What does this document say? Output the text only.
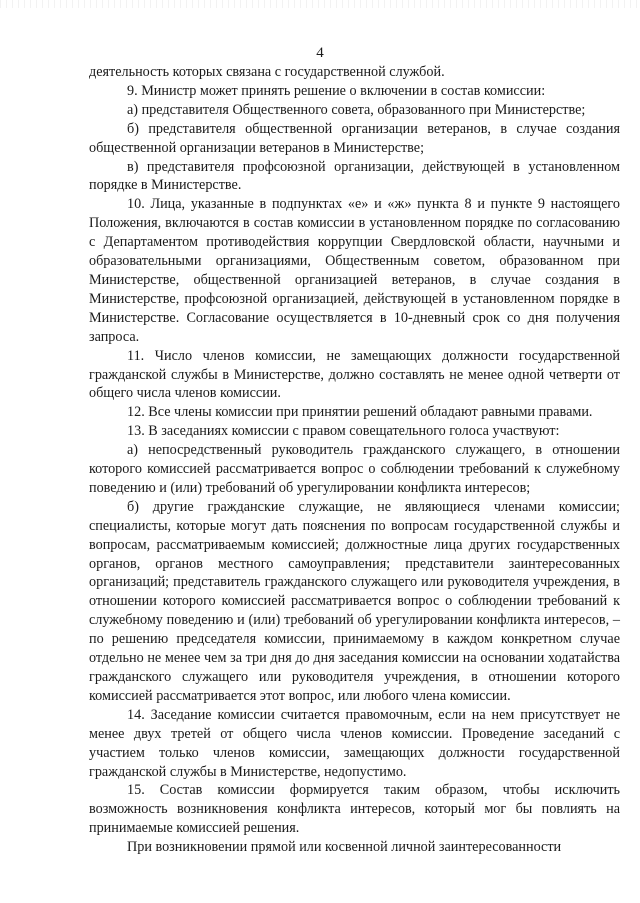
4

деятельность которых связана с государственной службой.

9. Министр может принять решение о включении в состав комиссии:

а) представителя Общественного совета, образованного при Министерстве;

б) представителя общественной организации ветеранов, в случае создания общественной организации ветеранов в Министерстве;

в) представителя профсоюзной организации, действующей в установленном порядке в Министерстве.

10. Лица, указанные в подпунктах «е» и «ж» пункта 8 и пункте 9 настоящего Положения, включаются в состав комиссии в установленном порядке по согласованию с Департаментом противодействия коррупции Свердловской области, научными и образовательными организациями, Общественным советом, образованном при Министерстве, общественной организацией ветеранов, в случае создания в Министерстве, профсоюзной организацией, действующей в установленном порядке в Министерстве. Согласование осуществляется в 10-дневный срок со дня получения запроса.

11. Число членов комиссии, не замещающих должности государственной гражданской службы в Министерстве, должно составлять не менее одной четверти от общего числа членов комиссии.

12. Все члены комиссии при принятии решений обладают равными правами.

13. В заседаниях комиссии с правом совещательного голоса участвуют:

а) непосредственный руководитель гражданского служащего, в отношении которого комиссией рассматривается вопрос о соблюдении требований к служебному поведению и (или) требований об урегулировании конфликта интересов;

б) другие гражданские служащие, не являющиеся членами комиссии; специалисты, которые могут дать пояснения по вопросам государственной службы и вопросам, рассматриваемым комиссией; должностные лица других государственных органов, органов местного самоуправления; представители заинтересованных организаций; представитель гражданского служащего или руководителя учреждения, в отношении которого комиссией рассматривается вопрос о соблюдении требований к служебному поведению и (или) требований об урегулировании конфликта интересов, – по решению председателя комиссии, принимаемому в каждом конкретном случае отдельно не менее чем за три дня до дня заседания комиссии на основании ходатайства гражданского служащего или руководителя учреждения, в отношении которого комиссией рассматривается этот вопрос, или любого члена комиссии.

14. Заседание комиссии считается правомочным, если на нем присутствует не менее двух третей от общего числа членов комиссии. Проведение заседаний с участием только членов комиссии, замещающих должности государственной гражданской службы в Министерстве, недопустимо.

15. Состав комиссии формируется таким образом, чтобы исключить возможность возникновения конфликта интересов, который мог бы повлиять на принимаемые комиссией решения.

При возникновении прямой или косвенной личной заинтересованности
